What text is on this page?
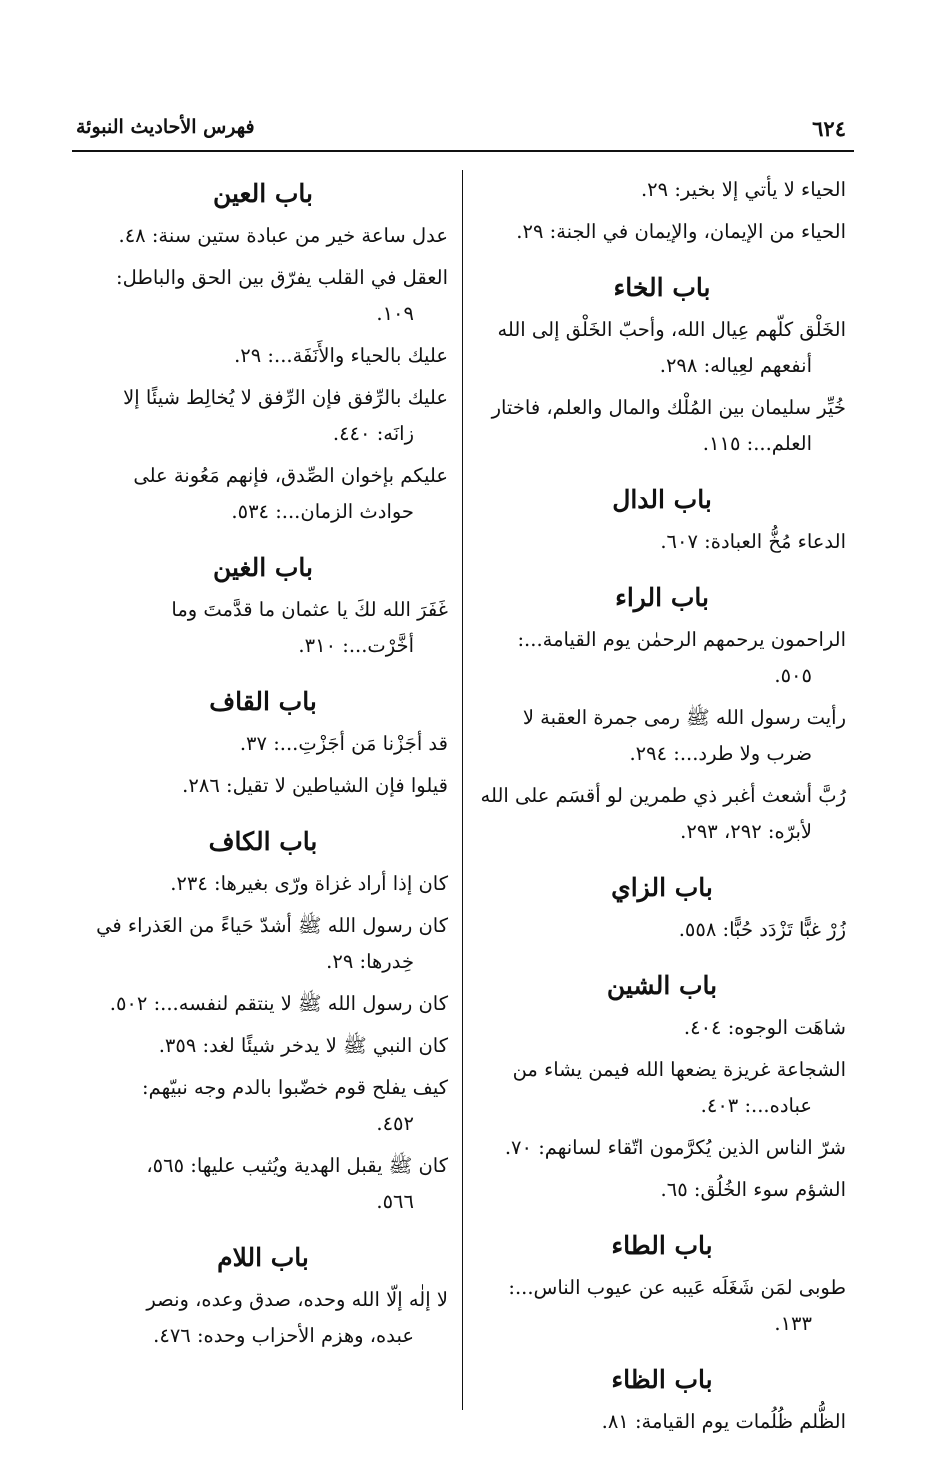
٦٢٤
فهرس الأحاديث النبوئة
الحياء لا يأتي إلا بخير: ٢٩.
الحياء من الإيمان، والإيمان في الجنة: ٢٩.
باب الخاء
الخَلْق كلّهم عِيال الله، وأحبّ الخَلْق إلى الله
أنفعهم لعِياله: ٢٩٨.
خُيِّر سليمان بين المُلْك والمال والعلم، فاختار
العلم...: ١١٥.
باب الدال
الدعاء مُخُّ العبادة: ٦٠٧.
باب الراء
الراحمون يرحمهم الرحمٰن يوم القيامة...:
٥٠٥.
رأيت رسول الله ﷺ رمى جمرة العقبة لا
ضرب ولا طرد...: ٢٩٤.
رُبَّ أشعث أغبر ذي طمرين لو أقسَم على الله
لأبرّه: ٢٩٢، ٢٩٣.
باب الزاي
زُرْ غبًّا تَزْدَد حُبًّا: ٥٥٨.
باب الشين
شاهَت الوجوه: ٤٠٤.
الشجاعة غريزة يضعها الله فيمن يشاء من
عباده...: ٤٠٣.
شرّ الناس الذين يُكرَّمون اتّقاء لسانهم: ٧٠.
الشؤم سوء الخُلُق: ٦٥.
باب الطاء
طوبى لمَن شَغَلَه عَيبه عن عيوب الناس...:
١٣٣.
باب الظاء
الظُّلم ظُلُمات يوم القيامة: ٨١.
باب العين
عدل ساعة خير من عبادة ستين سنة: ٤٨.
العقل في القلب يفرّق بين الحق والباطل:
١٠٩.
عليك بالحياء والأَنَفَة...: ٢٩.
عليك بالرِّفق فإن الرِّفق لا يُخالِط شيئًا إلا
زانَه: ٤٤٠.
عليكم بإخوان الصِّدق، فإنهم مَعُونة على
حوادث الزمان...: ٥٣٤.
باب الغين
غَفَرَ الله لكَ يا عثمان ما قدَّمتَ وما
أخَّرْت...: ٣١٠.
باب القاف
قد أجَزْنا مَن أجَزْتِ...: ٣٧.
قيلوا فإن الشياطين لا تقيل: ٢٨٦.
باب الكاف
كان إذا أراد غزاة ورّى بغيرها: ٢٣٤.
كان رسول الله ﷺ أشدّ حَياءً من العَذراء في
خِدرها: ٢٩.
كان رسول الله ﷺ لا ينتقم لنفسه...: ٥٠٢.
كان النبي ﷺ لا يدخر شيئًا لغد: ٣٥٩.
كيف يفلح قوم خضّبوا بالدم وجه نبيّهم:
٤٥٢.
كان ﷺ يقبل الهدية ويُثيب عليها: ٥٦٥،
٥٦٦.
باب اللام
لا إلٰه إلّا الله وحده، صدق وعده، ونصر
عبده، وهزم الأحزاب وحده: ٤٧٦.
